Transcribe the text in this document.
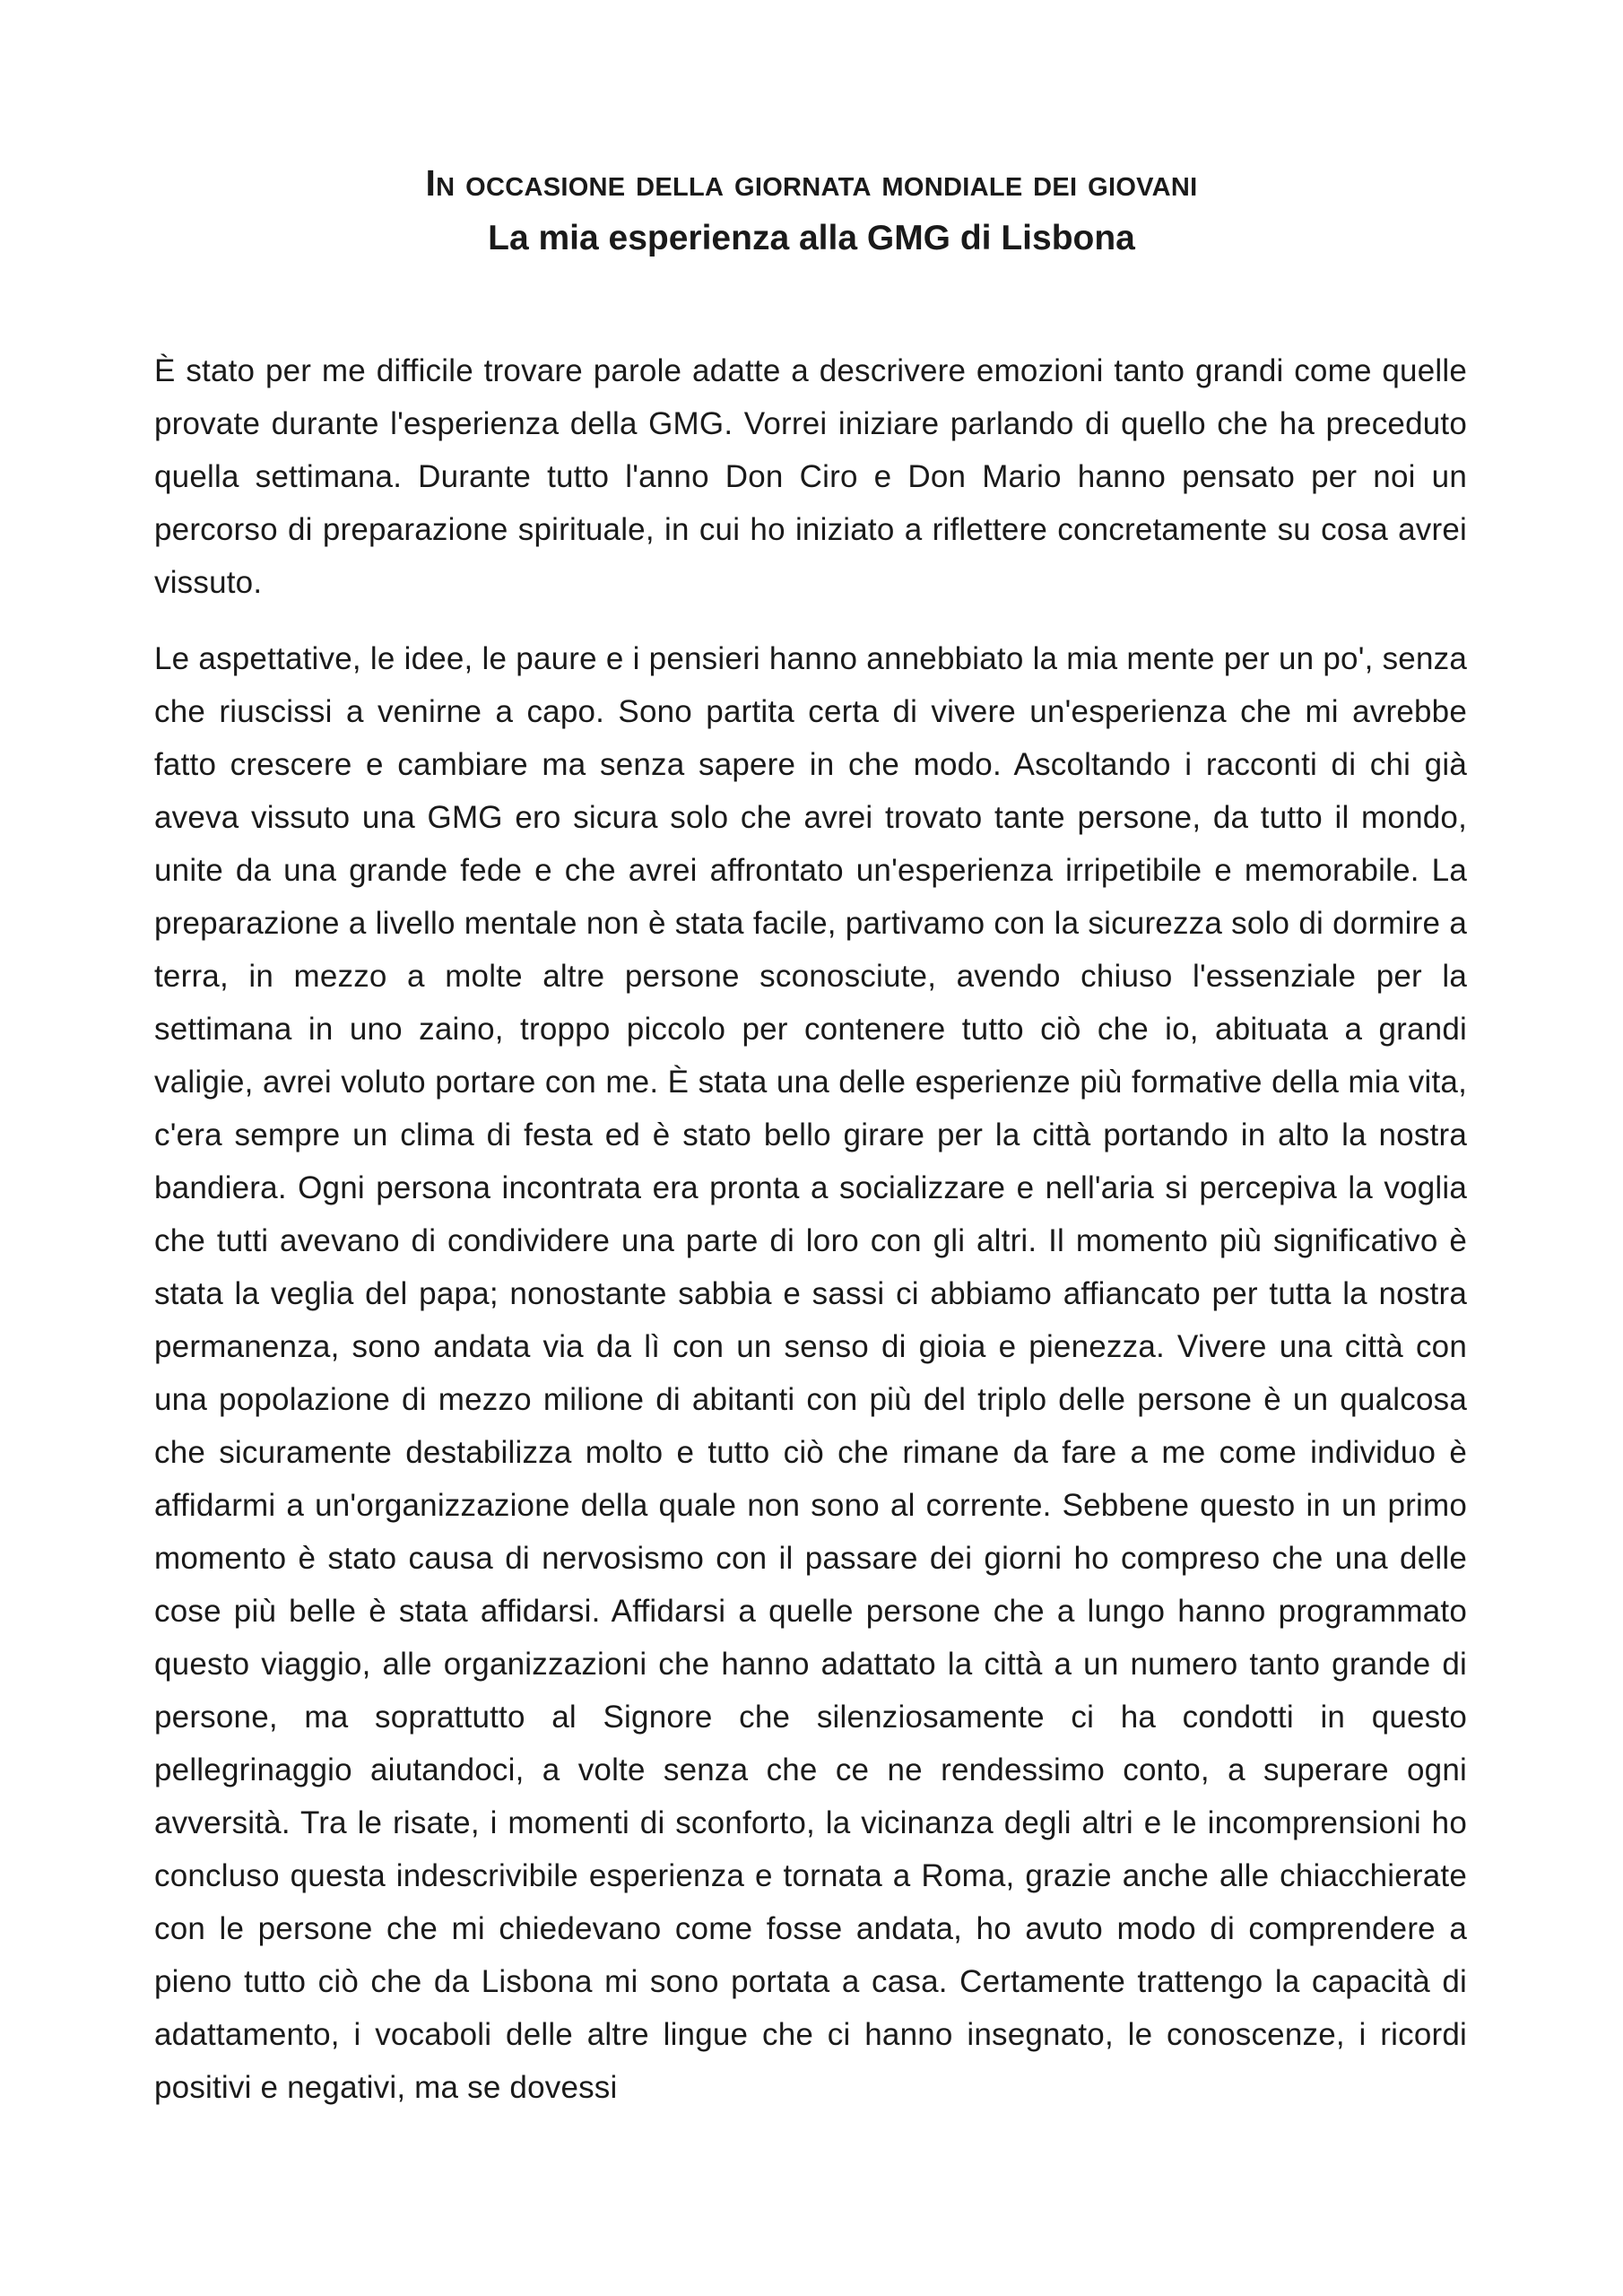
In occasione della giornata mondiale dei giovani
La mia esperienza alla GMG di Lisbona

È stato per me difficile trovare parole adatte a descrivere emozioni tanto grandi come quelle provate durante l'esperienza della GMG. Vorrei iniziare parlando di quello che ha preceduto quella settimana. Durante tutto l'anno Don Ciro e Don Mario hanno pensato per noi un percorso di preparazione spirituale, in cui ho iniziato a riflettere concretamente su cosa avrei vissuto.

Le aspettative, le idee, le paure e i pensieri hanno annebbiato la mia mente per un po', senza che riuscissi a venirne a capo. Sono partita certa di vivere un'esperienza che mi avrebbe fatto crescere e cambiare ma senza sapere in che modo. Ascoltando i racconti di chi già aveva vissuto una GMG ero sicura solo che avrei trovato tante persone, da tutto il mondo, unite da una grande fede e che avrei affrontato un'esperienza irripetibile e memorabile. La preparazione a livello mentale non è stata facile, partivamo con la sicurezza solo di dormire a terra, in mezzo a molte altre persone sconosciute, avendo chiuso l'essenziale per la settimana in uno zaino, troppo piccolo per contenere tutto ciò che io, abituata a grandi valigie, avrei voluto portare con me. È stata una delle esperienze più formative della mia vita, c'era sempre un clima di festa ed è stato bello girare per la città portando in alto la nostra bandiera. Ogni persona incontrata era pronta a socializzare e nell'aria si percepiva la voglia che tutti avevano di condividere una parte di loro con gli altri. Il momento più significativo è stata la veglia del papa; nonostante sabbia e sassi ci abbiamo affiancato per tutta la nostra permanenza, sono andata via da lì con un senso di gioia e pienezza. Vivere una città con una popolazione di mezzo milione di abitanti con più del triplo delle persone è un qualcosa che sicuramente destabilizza molto e tutto ciò che rimane da fare a me come individuo è affidarmi a un'organizzazione della quale non sono al corrente. Sebbene questo in un primo momento è stato causa di nervosismo con il passare dei giorni ho compreso che una delle cose più belle è stata affidarsi. Affidarsi a quelle persone che a lungo hanno programmato questo viaggio, alle organizzazioni che hanno adattato la città a un numero tanto grande di persone, ma soprattutto al Signore che silenziosamente ci ha condotti in questo pellegrinaggio aiutandoci, a volte senza che ce ne rendessimo conto, a superare ogni avversità. Tra le risate, i momenti di sconforto, la vicinanza degli altri e le incomprensioni ho concluso questa indescrivibile esperienza e tornata a Roma, grazie anche alle chiacchierate con le persone che mi chiedevano come fosse andata, ho avuto modo di comprendere a pieno tutto ciò che da Lisbona mi sono portata a casa. Certamente trattengo la capacità di adattamento, i vocaboli delle altre lingue che ci hanno insegnato, le conoscenze, i ricordi positivi e negativi, ma se dovessi
